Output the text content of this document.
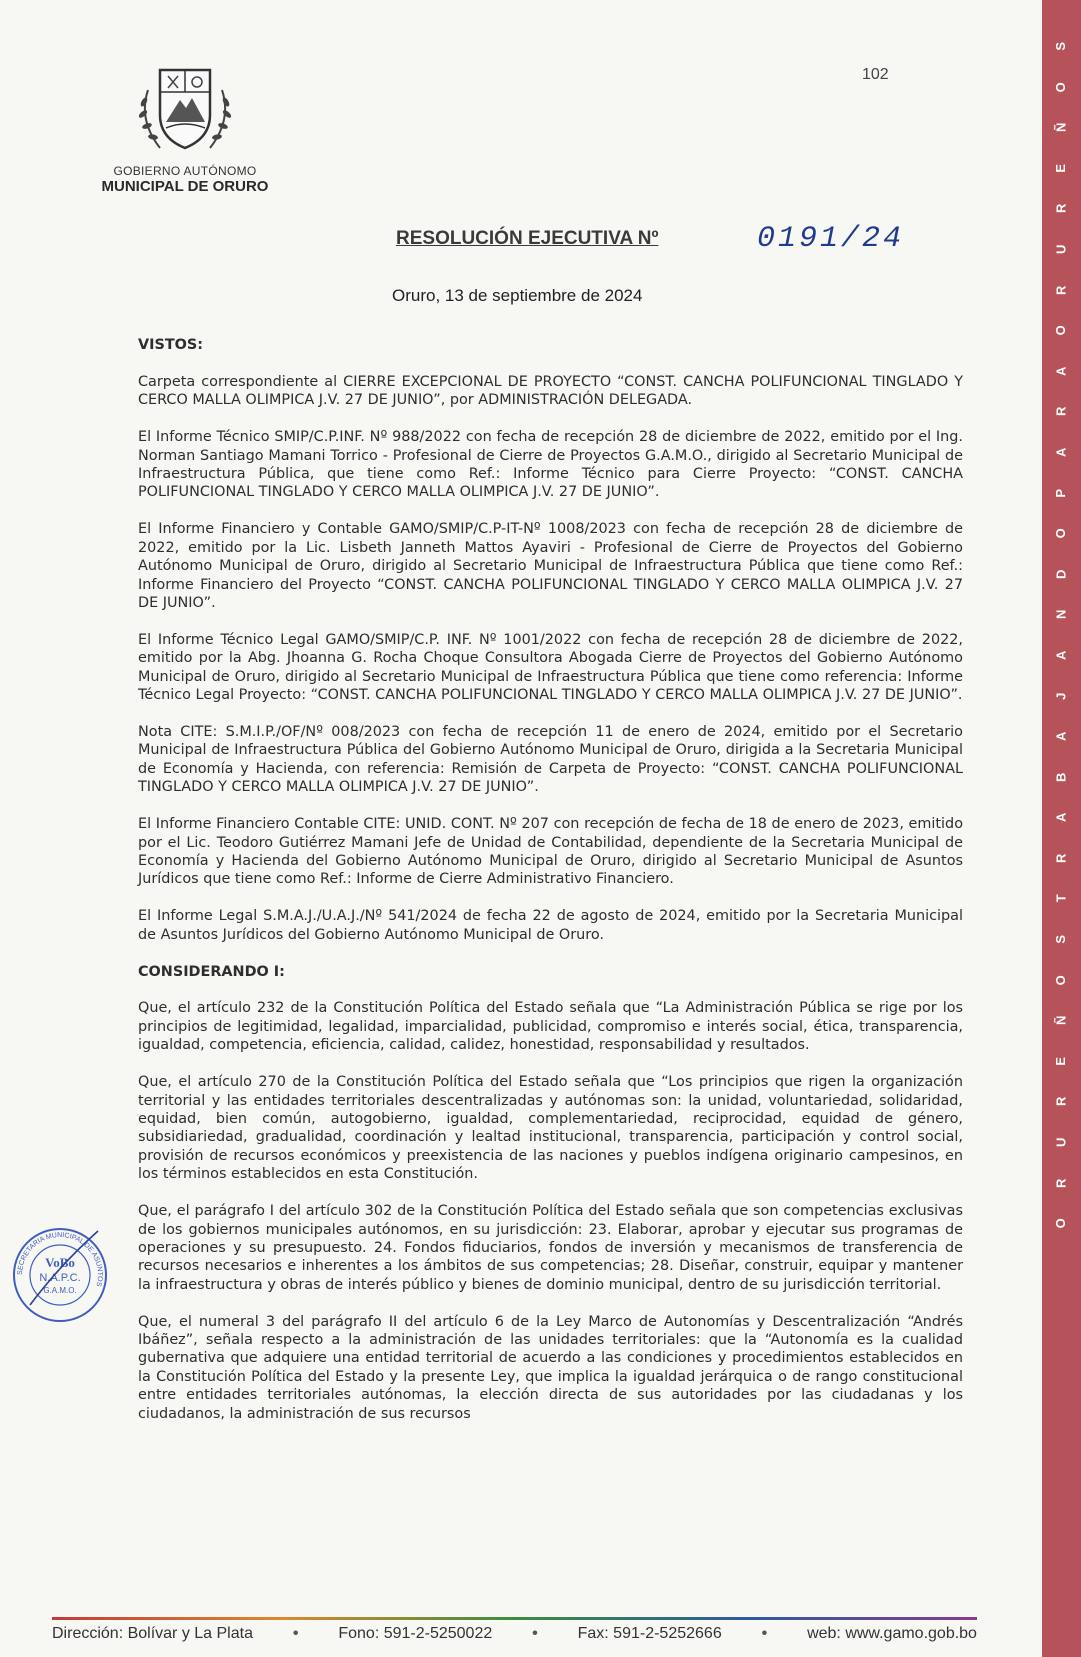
S
O
Ñ
E
R
U
R
O
A
R
A
P
O
D
N
A
J
A
B
A
R
T
S
O
Ñ
E
R
U
R
O
102
GOBIERNO AUTÓNOMO
MUNICIPAL DE ORURO
RESOLUCIÓN EJECUTIVA Nº	0191/24
Oruro, 13 de septiembre de 2024

VISTOS:

Carpeta correspondiente al CIERRE EXCEPCIONAL DE PROYECTO “CONST. CANCHA POLIFUNCIONAL TINGLADO Y CERCO MALLA OLIMPICA J.V. 27 DE JUNIO”, por ADMINISTRACIÓN DELEGADA.

El Informe Técnico SMIP/C.P.INF. Nº 988/2022 con fecha de recepción 28 de diciembre de 2022, emitido por el Ing. Norman Santiago Mamani Torrico - Profesional de Cierre de Proyectos G.A.M.O., dirigido al Secretario Municipal de Infraestructura Pública, que tiene como Ref.: Informe Técnico para Cierre Proyecto: “CONST. CANCHA POLIFUNCIONAL TINGLADO Y CERCO MALLA OLIMPICA J.V. 27 DE JUNIO”.

El Informe Financiero y Contable GAMO/SMIP/C.P-IT-Nº 1008/2023 con fecha de recepción 28 de diciembre de 2022, emitido por la Lic. Lisbeth Janneth Mattos Ayaviri - Profesional de Cierre de Proyectos del Gobierno Autónomo Municipal de Oruro, dirigido al Secretario Municipal de Infraestructura Pública que tiene como Ref.: Informe Financiero del Proyecto “CONST. CANCHA POLIFUNCIONAL TINGLADO Y CERCO MALLA OLIMPICA J.V. 27 DE JUNIO”.

El Informe Técnico Legal GAMO/SMIP/C.P. INF. Nº 1001/2022 con fecha de recepción 28 de diciembre de 2022, emitido por la Abg. Jhoanna G. Rocha Choque Consultora Abogada Cierre de Proyectos del Gobierno Autónomo Municipal de Oruro, dirigido al Secretario Municipal de Infraestructura Pública que tiene como referencia: Informe Técnico Legal Proyecto: “CONST. CANCHA POLIFUNCIONAL TINGLADO Y CERCO MALLA OLIMPICA J.V. 27 DE JUNIO”.

Nota CITE: S.M.I.P./OF/Nº 008/2023 con fecha de recepción 11 de enero de 2024, emitido por el Secretario Municipal de Infraestructura Pública del Gobierno Autónomo Municipal de Oruro, dirigida a la Secretaria Municipal de Economía y Hacienda, con referencia: Remisión de Carpeta de Proyecto: “CONST. CANCHA POLIFUNCIONAL TINGLADO Y CERCO MALLA OLIMPICA J.V. 27 DE JUNIO”.

El Informe Financiero Contable CITE: UNID. CONT. Nº 207 con recepción de fecha de 18 de enero de 2023, emitido por el Lic. Teodoro Gutiérrez Mamani Jefe de Unidad de Contabilidad, dependiente de la Secretaria Municipal de Economía y Hacienda del Gobierno Autónomo Municipal de Oruro, dirigido al Secretario Municipal de Asuntos Jurídicos que tiene como Ref.: Informe de Cierre Administrativo Financiero.

El Informe Legal S.M.A.J./U.A.J./Nº 541/2024 de fecha 22 de agosto de 2024, emitido por la Secretaria Municipal de Asuntos Jurídicos del Gobierno Autónomo Municipal de Oruro.

CONSIDERANDO I:

Que, el artículo 232 de la Constitución Política del Estado señala que “La Administración Pública se rige por los principios de legitimidad, legalidad, imparcialidad, publicidad, compromiso e interés social, ética, transparencia, igualdad, competencia, eficiencia, calidad, calidez, honestidad, responsabilidad y resultados.

Que, el artículo 270 de la Constitución Política del Estado señala que “Los principios que rigen la organización territorial y las entidades territoriales descentralizadas y autónomas son: la unidad, voluntariedad, solidaridad, equidad, bien común, autogobierno, igualdad, complementariedad, reciprocidad, equidad de género, subsidiariedad, gradualidad, coordinación y lealtad institucional, transparencia, participación y control social, provisión de recursos económicos y preexistencia de las naciones y pueblos indígena originario campesinos, en los términos establecidos en esta Constitución.

Que, el parágrafo I del artículo 302 de la Constitución Política del Estado señala que son competencias exclusivas de los gobiernos municipales autónomos, en su jurisdicción: 23. Elaborar, aprobar y ejecutar sus programas de operaciones y su presupuesto. 24. Fondos fiduciarios, fondos de inversión y mecanismos de transferencia de recursos necesarios e inherentes a los ámbitos de sus competencias; 28. Diseñar, construir, equipar y mantener la infraestructura y obras de interés público y bienes de dominio municipal, dentro de su jurisdicción territorial.

Que, el numeral 3 del parágrafo II del artículo 6 de la Ley Marco de Autonomías y Descentralización “Andrés Ibáñez”, señala respecto a la administración de las unidades territoriales: que la “Autonomía es la cualidad gubernativa que adquiere una entidad territorial de acuerdo a las condiciones y procedimientos establecidos en la Constitución Política del Estado y la presente Ley, que implica la igualdad jerárquica o de rango constitucional entre entidades territoriales autónomas, la elección directa de sus autoridades por las ciudadanas y los ciudadanos, la administración de sus recursos

SECRETARIA MUNICIPAL DE ASUNTOS
VoBo
N.A.P.C.
G.A.M.O.
Dirección: Bolívar y La Plata • Fono: 591-2-5250022 • Fax: 591-2-5252666 • web: www.gamo.gob.bo
